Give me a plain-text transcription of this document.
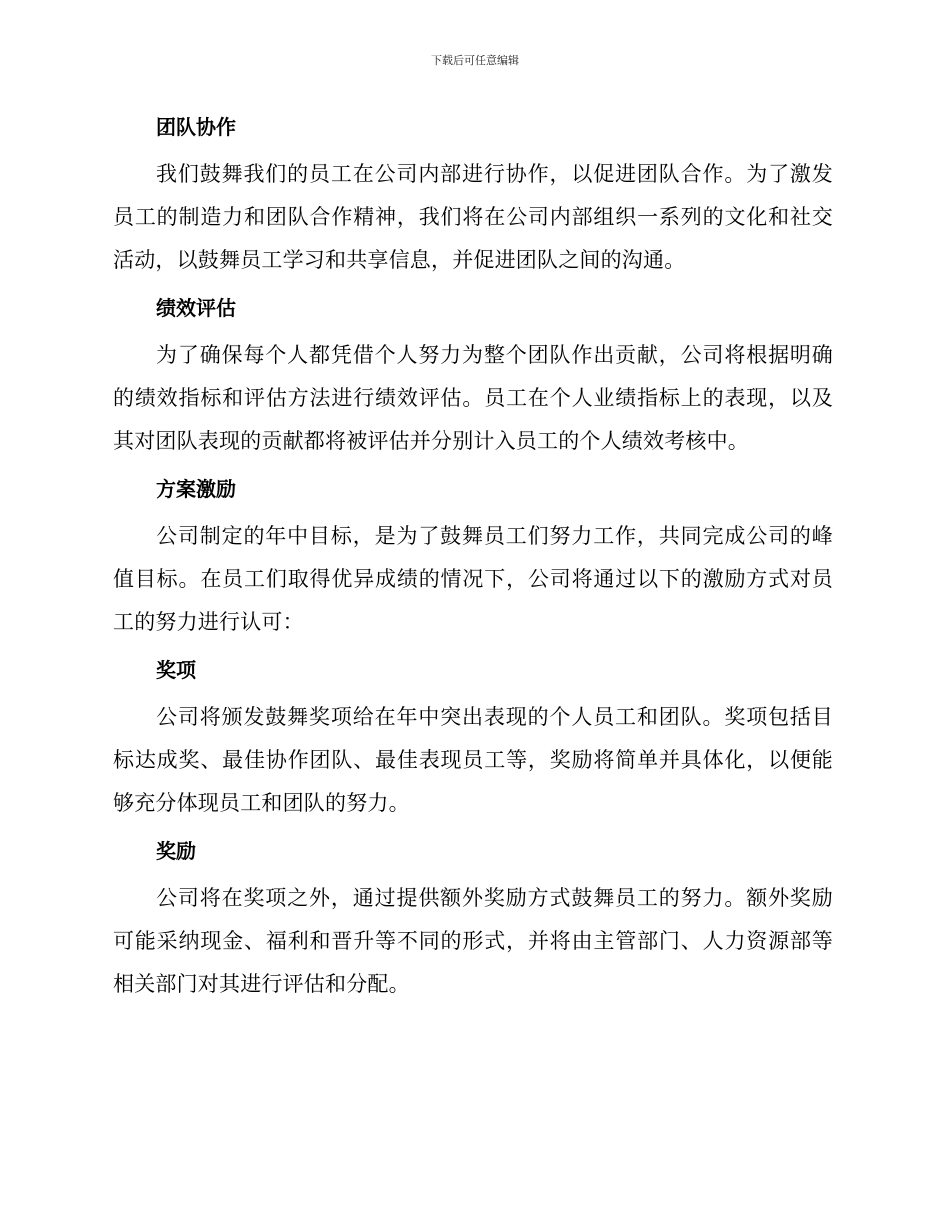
下载后可任意编辑
团队协作

我们鼓舞我们的员工在公司内部进行协作，以促进团队合作。为了激发员工的制造力和团队合作精神，我们将在公司内部组织一系列的文化和社交活动，以鼓舞员工学习和共享信息，并促进团队之间的沟通。

绩效评估

为了确保每个人都凭借个人努力为整个团队作出贡献，公司将根据明确的绩效指标和评估方法进行绩效评估。员工在个人业绩指标上的表现，以及其对团队表现的贡献都将被评估并分别计入员工的个人绩效考核中。

方案激励

公司制定的年中目标，是为了鼓舞员工们努力工作，共同完成公司的峰值目标。在员工们取得优异成绩的情况下，公司将通过以下的激励方式对员工的努力进行认可：

奖项

公司将颁发鼓舞奖项给在年中突出表现的个人员工和团队。奖项包括目标达成奖、最佳协作团队、最佳表现员工等，奖励将简单并具体化，以便能够充分体现员工和团队的努力。

奖励

公司将在奖项之外，通过提供额外奖励方式鼓舞员工的努力。额外奖励可能采纳现金、福利和晋升等不同的形式，并将由主管部门、人力资源部等相关部门对其进行评估和分配。
